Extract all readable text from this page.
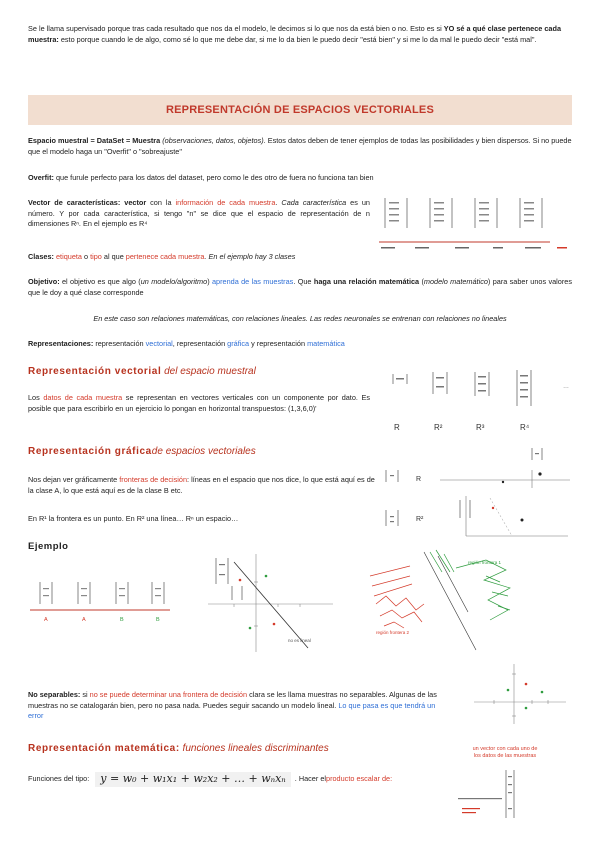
Se le llama supervisado porque tras cada resultado que nos da el modelo, le decimos si lo que nos da está bien o no. Esto es si YO sé a qué clase pertenece cada muestra: esto porque cuando le de algo, como sé lo que me debe dar, si me lo da bien le puedo decir "está bien" y si me lo da mal le puedo decir "está mal".
REPRESENTACIÓN DE ESPACIOS VECTORIALES
Espacio muestral = DataSet = Muestra (observaciones, datos, objetos). Estos datos deben de tener ejemplos de todas las posibilidades y bien dispersos. Si no puede que el modelo haga un "Overfit" o "sobreajuste"
Overfit: que furule perfecto para los datos del dataset, pero como le des otro de fuera no funciona tan bien
Vector de características: vector con la información de cada muestra. Cada característica es un número. Y por cada característica, si tengo "n" se dice que el espacio de representación de n dimensiones Rⁿ. En el ejemplo es R⁴
Clases: etiqueta o tipo al que pertenece cada muestra. En el ejemplo hay 3 clases
Objetivo: el objetivo es que algo (un modelo/algoritmo) aprenda de las muestras. Que haga una relación matemática (modelo matemático) para saber unos valores que le doy a qué clase corresponde
En este caso son relaciones matemáticas, con relaciones lineales. Las redes neuronales se entrenan con relaciones no lineales
Representaciones: representación vectorial, representación gráfica y representación matemática
Representación vectorial del espacio muestral
Los datos de cada muestra se representan en vectores verticales con un componente por dato. Es posible que para escribirlo en un ejercicio lo pongan en horizontal transpuestos: (1,3,6,0)'
…
R	R²	R³	R⁴
Representación gráficade espacios vectoriales
Nos dejan ver gráficamente fronteras de decisión: líneas en el espacio que nos dice, lo que está aquí es de la clase A, lo que está aquí es de la clase B etc.
En R¹ la frontera es un punto. En R² una línea… Rⁿ un espacio…
R
R²
Ejemplo
A	A	B	B
no es lineal
región frontera 1
región frontera 2
No separables: si no se puede determinar una frontera de decisión clara se les llama muestras no separables. Algunas de las muestras no se catalogarán bien, pero no pasa nada. Puedes seguir sacando un modelo lineal. Lo que pasa es que tendrá un error
Representación matemática: funciones lineales discriminantes
Funciones del tipo:	y = w₀ + w₁x₁ + w₂x₂ + … + wₙxₙ	. Hacer el producto escalar de:
un vector con cada uno de los datos de las muestras
